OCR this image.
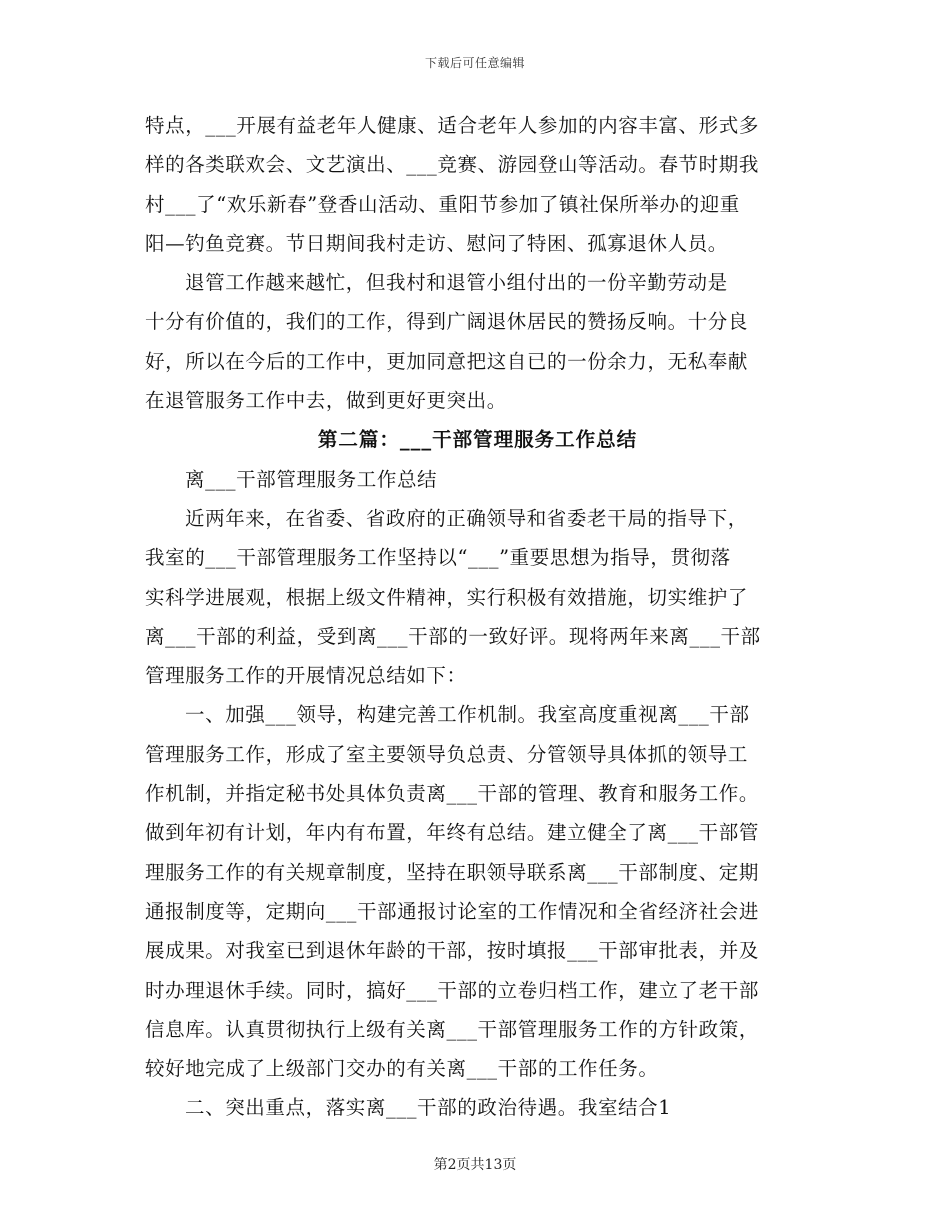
下载后可任意编辑
特点，___开展有益老年人健康、适合老年人参加的内容丰富、形式多
样的各类联欢会、文艺演出、___竞赛、游园登山等活动。春节时期我
村___了“欢乐新春”登香山活动、重阳节参加了镇社保所举办的迎重
阳—钓鱼竞赛。节日期间我村走访、慰问了特困、孤寡退休人员。
退管工作越来越忙，但我村和退管小组付出的一份辛勤劳动是
十分有价值的，我们的工作，得到广阔退休居民的赞扬反响。十分良
好，所以在今后的工作中，更加同意把这自已的一份余力，无私奉献
在退管服务工作中去，做到更好更突出。
第二篇：___干部管理服务工作总结
离___干部管理服务工作总结
近两年来，在省委、省政府的正确领导和省委老干局的指导下，
我室的___干部管理服务工作坚持以“___”重要思想为指导，贯彻落
实科学进展观，根据上级文件精神，实行积极有效措施，切实维护了
离___干部的利益，受到离___干部的一致好评。现将两年来离___干部
管理服务工作的开展情况总结如下：
一、加强___领导，构建完善工作机制。我室高度重视离___干部
管理服务工作，形成了室主要领导负总责、分管领导具体抓的领导工
作机制，并指定秘书处具体负责离___干部的管理、教育和服务工作。
做到年初有计划，年内有布置，年终有总结。建立健全了离___干部管
理服务工作的有关规章制度，坚持在职领导联系离___干部制度、定期
通报制度等，定期向___干部通报讨论室的工作情况和全省经济社会进
展成果。对我室已到退休年龄的干部，按时填报___干部审批表，并及
时办理退休手续。同时，搞好___干部的立卷归档工作，建立了老干部
信息库。认真贯彻执行上级有关离___干部管理服务工作的方针政策，
较好地完成了上级部门交办的有关离___干部的工作任务。
二、突出重点，落实离___干部的政治待遇。我室结合1
第2页共13页
